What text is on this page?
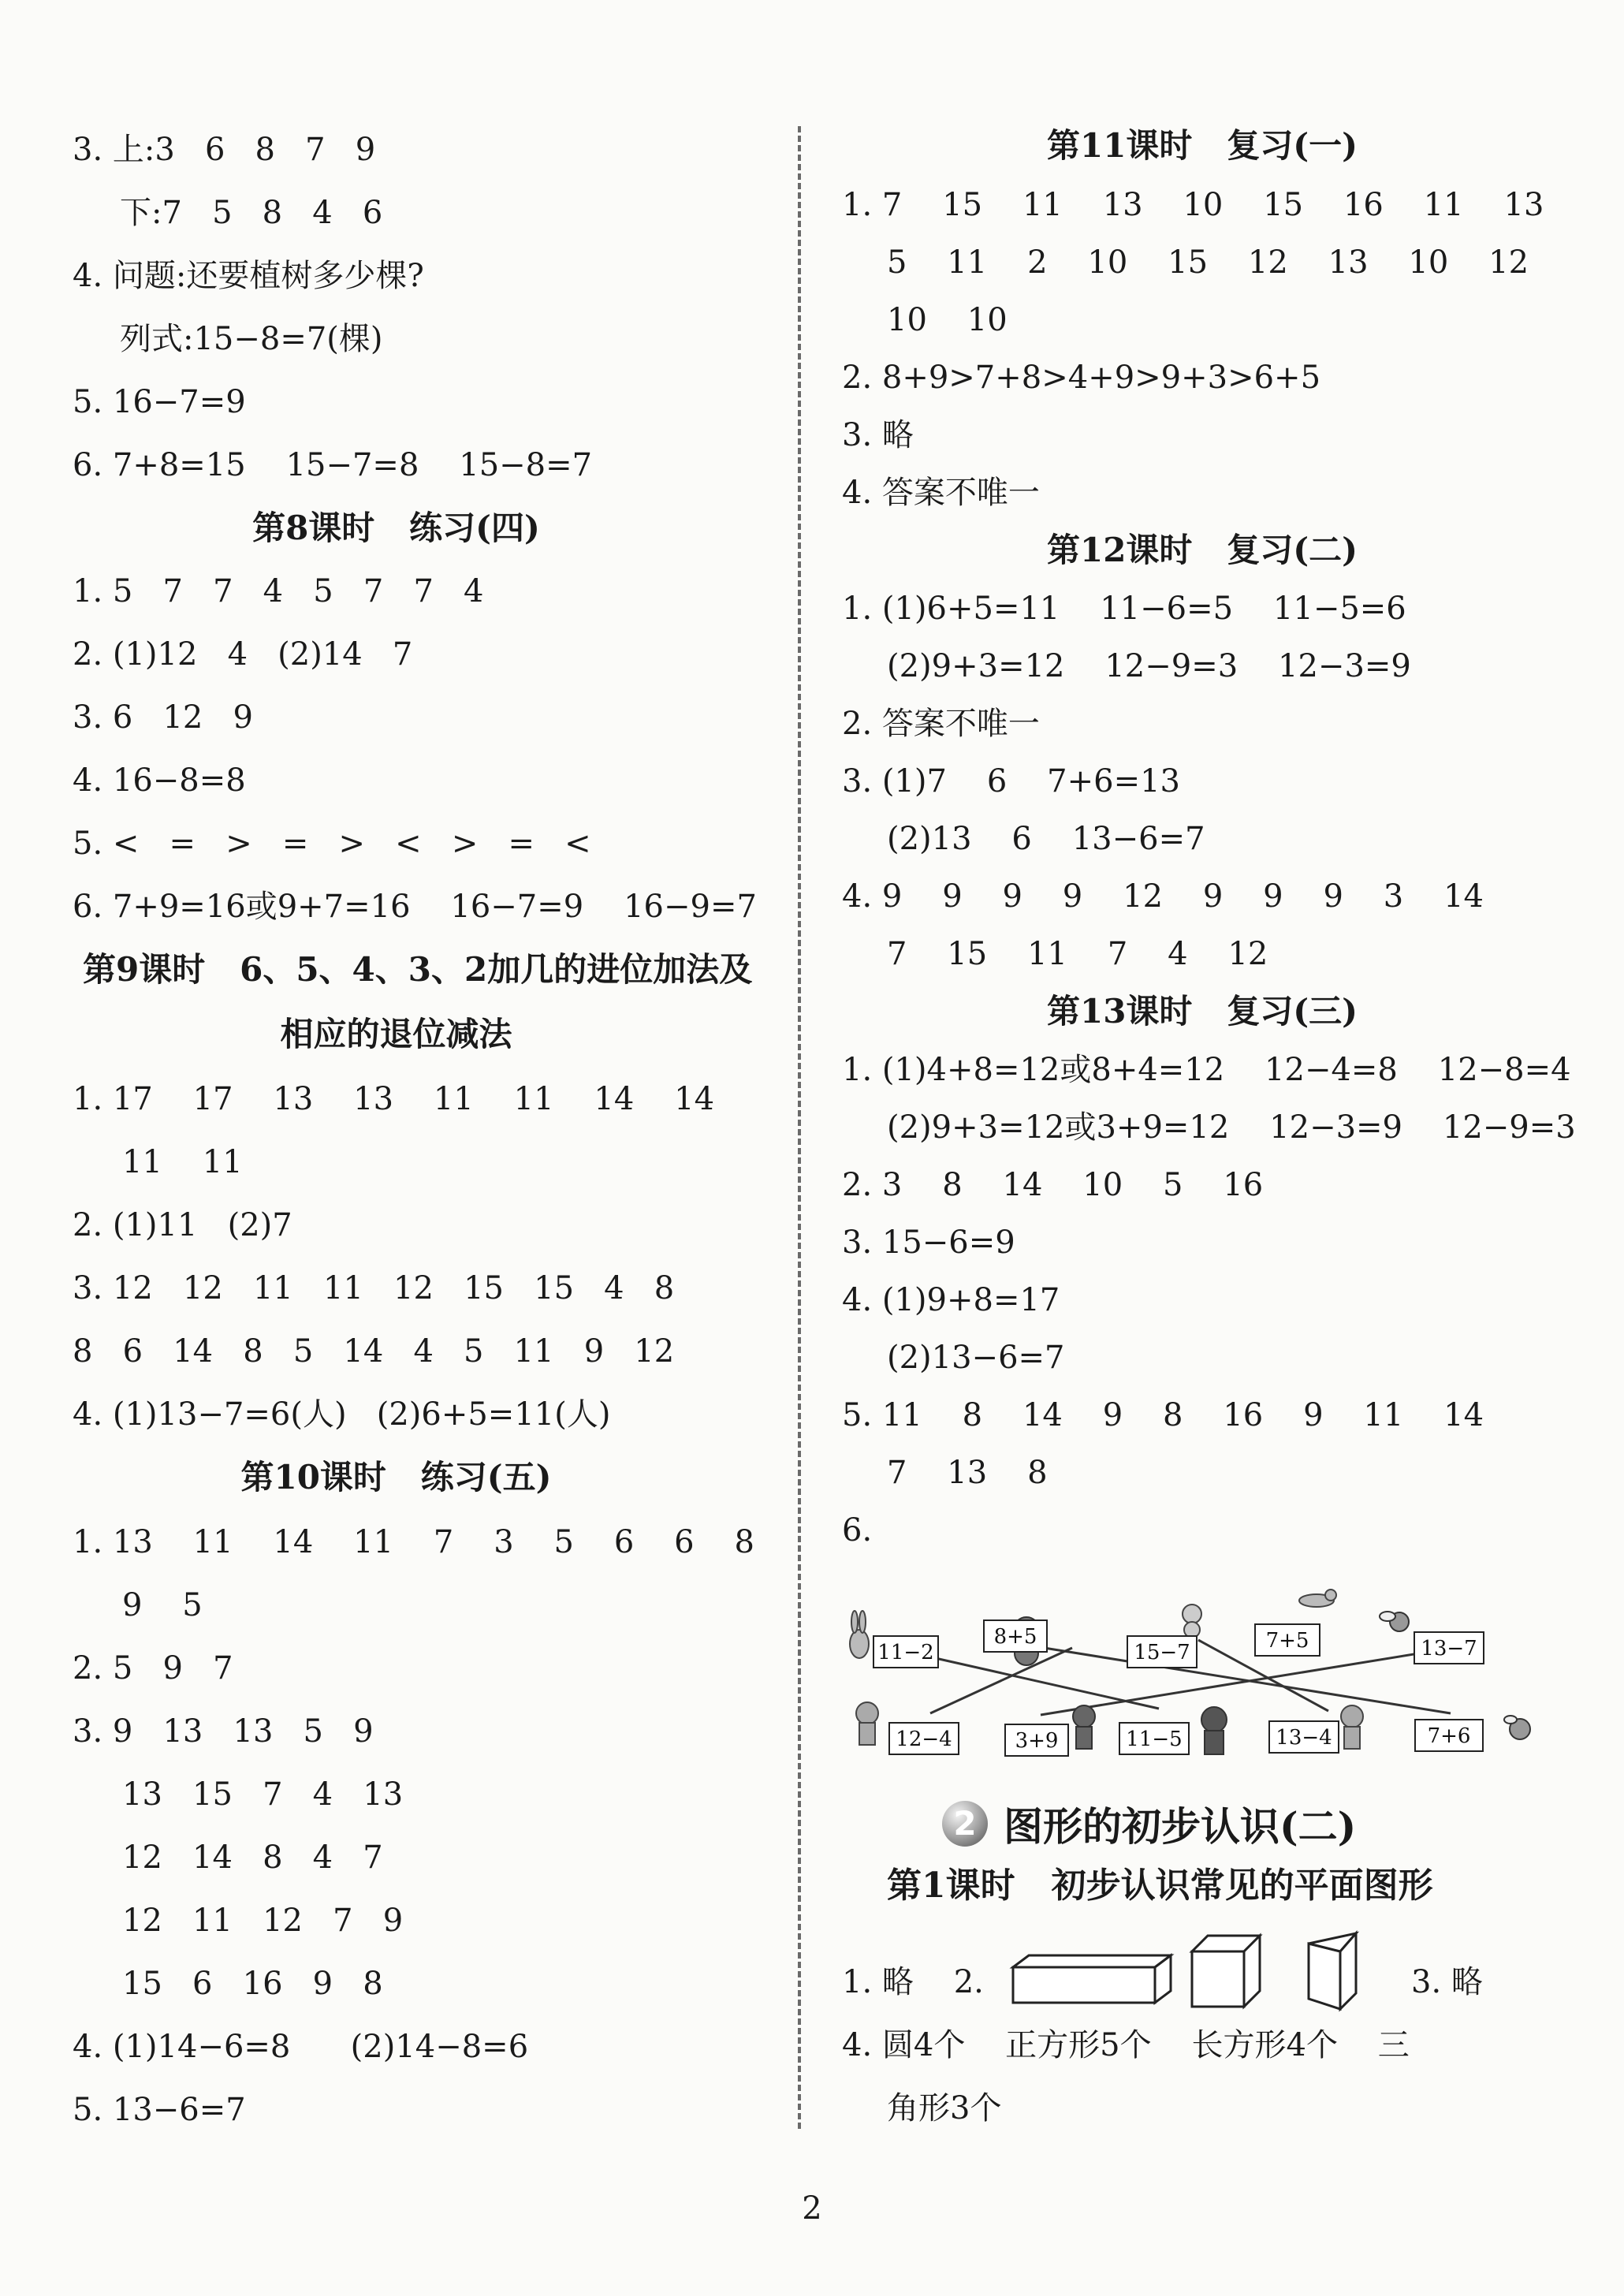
3. 上:3   6   8   7   9
下:7   5   8   4   6
4. 问题:还要植树多少棵?
列式:15−8=7(棵)
5. 16−7=9
6. 7+8=15    15−7=8    15−8=7
第8课时   练习(四)
1. 5   7   7   4   5   7   7   4
2. (1)12   4   (2)14   7
3. 6   12   9
4. 16−8=8
5. <   =   >   =   >   <   >   =   <
6. 7+9=16或9+7=16    16−7=9    16−9=7
第9课时   6、5、4、3、2加几的进位加法及
相应的退位减法
1. 17    17    13    13    11    11    14    14
11    11
2. (1)11   (2)7
3. 12   12   11   11   12   15   15   4   8
8   6   14   8   5   14   4   5   11   9   12
4. (1)13−7=6(人)   (2)6+5=11(人)
第10课时   练习(五)
1. 13    11    14    11    7    3    5    6    6    8
9    5
2. 5   9   7
3. 9   13   13   5   9
13   15   7   4   13
12   14   8   4   7
12   11   12   7   9
15   6   16   9   8
4. (1)14−6=8      (2)14−8=6
5. 13−6=7
第11课时   复习(一)
1. 7    15    11    13    10    15    16    11    13
5    11    2    10    15    12    13    10    12
10    10
2. 8+9>7+8>4+9>9+3>6+5
3. 略
4. 答案不唯一
第12课时   复习(二)
1. (1)6+5=11    11−6=5    11−5=6
(2)9+3=12    12−9=3    12−3=9
2. 答案不唯一
3. (1)7    6    7+6=13
(2)13    6    13−6=7
4. 9    9    9    9    12    9    9    9    3    14
7    15    11    7    4    12
第13课时   复习(三)
1. (1)4+8=12或8+4=12    12−4=8    12−8=4
(2)9+3=12或3+9=12    12−3=9    12−9=3
2. 3    8    14    10    5    16
3. 15−6=9
4. (1)9+8=17
(2)13−6=7
5. 11    8    14    9    8    16    9    11    14
7    13    8
6.
11−2
8+5
15−7	7+5	13−7
12−4	3+9	11−5	13−4	7+6
2 图形的初步认识(二)
第1课时   初步认识常见的平面图形
1. 略    2.	3. 略
4. 圆4个    正方形5个    长方形4个    三
角形3个
2
